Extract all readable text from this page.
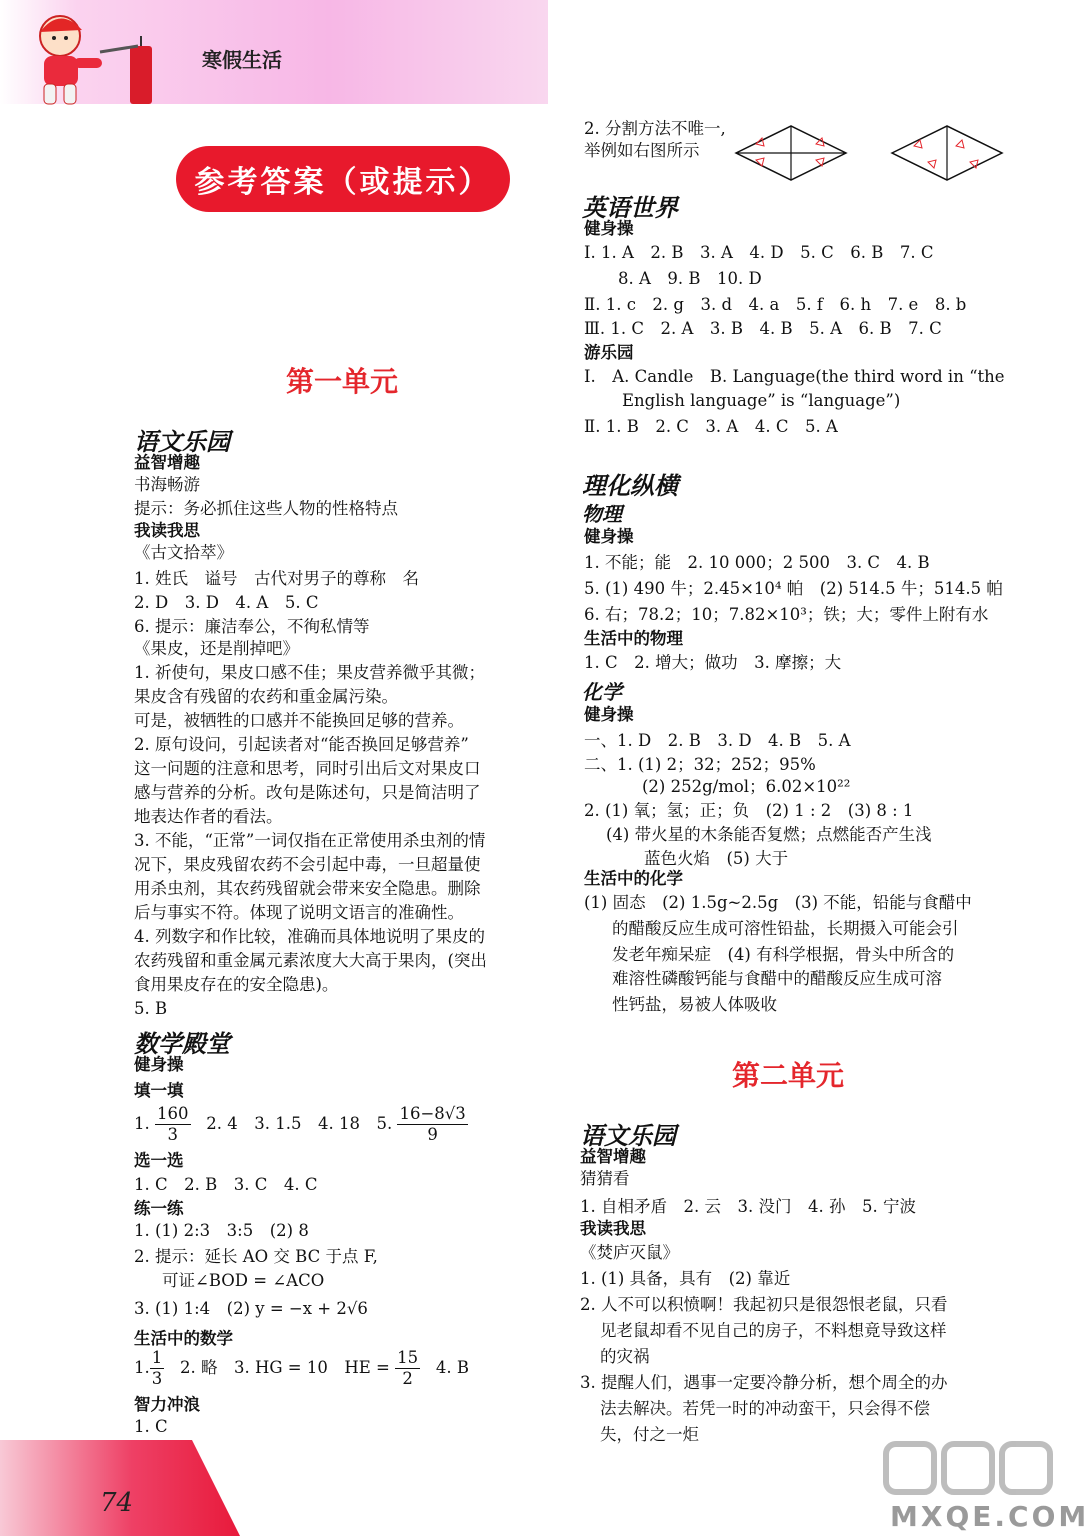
寒假生活
参考答案（或提示）
第一单元
语文乐园
益智增趣
书海畅游
提示：务必抓住这些人物的性格特点
我读我思
《古文拾萃》
1. 姓氏　谥号　古代对男子的尊称　名
2. D　3. D　4. A　5. C
6. 提示：廉洁奉公，不徇私情等
《果皮，还是削掉吧》
1. 祈使句，果皮口感不佳；果皮营养微乎其微；
果皮含有残留的农药和重金属污染。
可是，被牺牲的口感并不能换回足够的营养。
2. 原句设问，引起读者对“能否换回足够营养”
这一问题的注意和思考，同时引出后文对果皮口
感与营养的分析。改句是陈述句，只是简洁明了
地表达作者的看法。
3. 不能，“正常”一词仅指在正常使用杀虫剂的情
况下，果皮残留农药不会引起中毒，一旦超量使
用杀虫剂，其农药残留就会带来安全隐患。删除
后与事实不符。体现了说明文语言的准确性。
4. 列数字和作比较，准确而具体地说明了果皮的
农药残留和重金属元素浓度大大高于果肉，(突出
食用果皮存在的安全隐患)。
5. B
数学殿堂
健身操
填一填
1. $\frac{160}{3} 2$. 4　3. 1.5　4. 18　5. $\frac{16-8√3}{9}$
选一选
1. C　2. B　3. C　4. C
练一练
1. (1) 2:3　3:5　(2) 8
2. 提示：延长 AO 交 BC 于点 F,
可证∠BOD = ∠ACO
3. (1) 1:4　(2) y = −x + 2√6
生活中的数学
1. $\frac{1}{3} 2$. 略　3. HG = 10　HE = $\frac{15}{2} 4$. B
智力冲浪
1. C
2. 分割方法不唯一,
举例如右图所示
英语世界
健身操
Ⅰ. 1. A　2. B　3. A　4. D　5. C　6. B　7. C
8. A　9. B　10. D
Ⅱ. 1. c　2. g　3. d　4. a　5. f　6. h　7. e　8. b
Ⅲ. 1. C　2. A　3. B　4. B　5. A　6. B　7. C
游乐园
Ⅰ.　A. Candle　B. Language(the third word in “the
English language” is “language”)
Ⅱ. 1. B　2. C　3. A　4. C　5. A
理化纵横
物理
健身操
1. 不能；能　2. 10 000；2 500　3. C　4. B
5. (1) 490 牛；2.45×10⁴ 帕　(2) 514.5 牛；514.5 帕
6. 右；78.2；10；7.82×10³；铁；大；零件上附有水
生活中的物理
1. C　2. 增大；做功　3. 摩擦；大
化学
健身操
一、1. D　2. B　3. D　4. B　5. A
二、1. (1) 2；32；252；95%
(2) 252g/mol；6.02×10²²
2. (1) 氧；氢；正；负　(2) 1 : 2　(3) 8 : 1
(4) 带火星的木条能否复燃；点燃能否产生浅
蓝色火焰　(5) 大于
生活中的化学
(1) 固态　(2) 1.5g~2.5g　(3) 不能，铅能与食醋中
的醋酸反应生成可溶性铅盐，长期摄入可能会引
发老年痴呆症　(4) 有科学根据，骨头中所含的
难溶性磷酸钙能与食醋中的醋酸反应生成可溶
性钙盐，易被人体吸收
第二单元
语文乐园
益智增趣
猜猜看
1. 自相矛盾　2. 云　3. 没门　4. 孙　5. 宁波
我读我思
《焚庐灭鼠》
1. (1) 具备，具有　(2) 靠近
2. 人不可以积愤啊！我起初只是很怨恨老鼠，只看
见老鼠却看不见自己的房子，不料想竟导致这样
的灾祸
3. 提醒人们，遇事一定要冷静分析，想个周全的办
法去解决。若凭一时的冲动蛮干，只会得不偿
失，付之一炬
74	MXQE.COM
